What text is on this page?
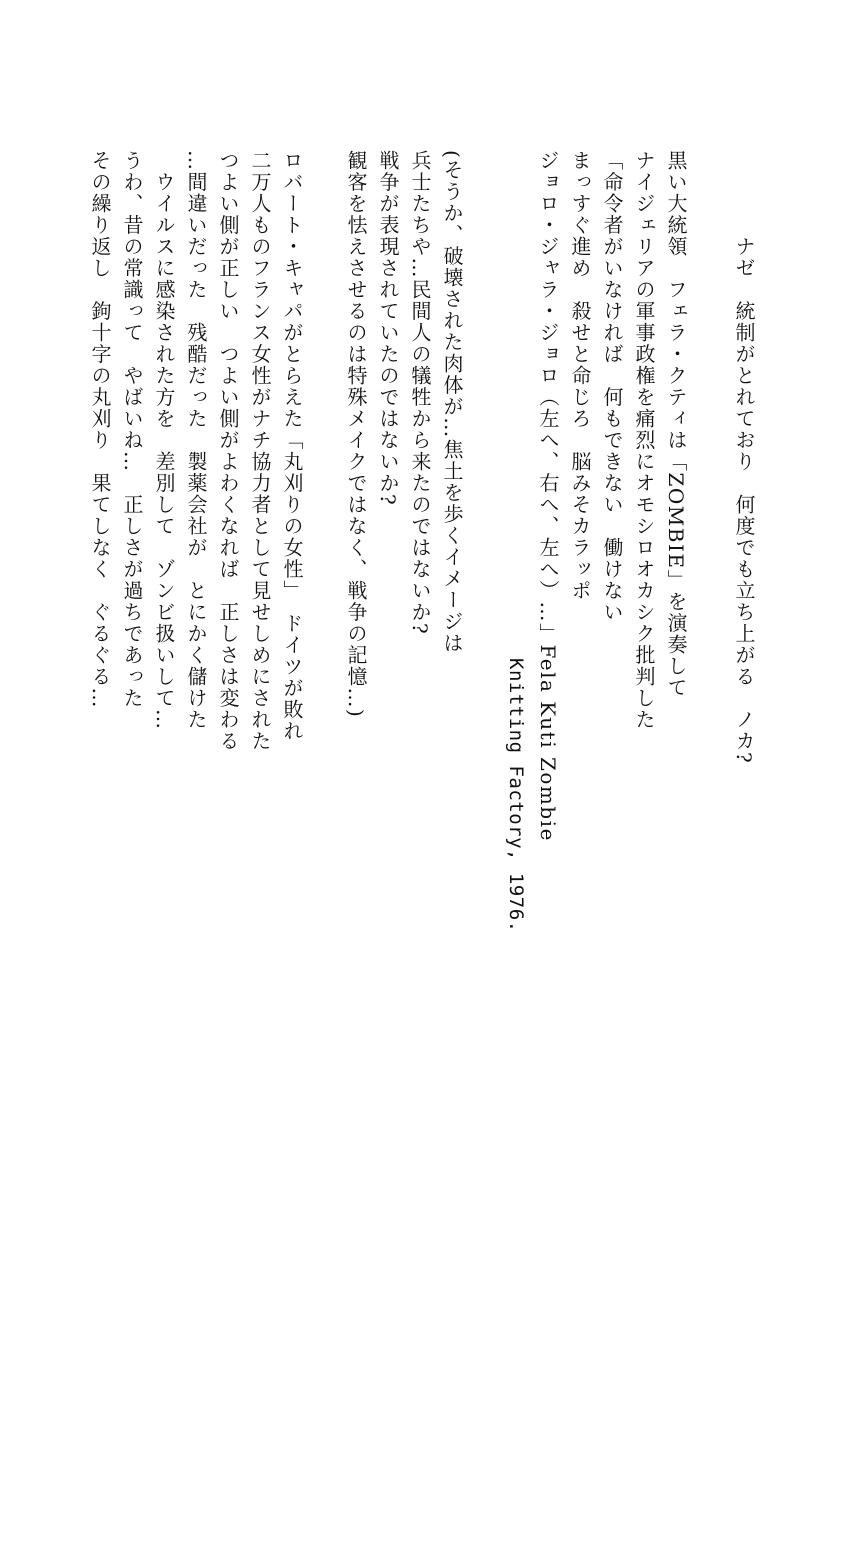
ナゼ　統制がとれており　何度でも立ち上がる　ノカ?
黒い大統領　フェラ・クティは「ZOMBIE」を演奏して
ナイジェリアの軍事政権を痛烈にオモシロオカシク批判した
「命令者がいなければ　何もできない　働けない
まっすぐ進め　殺せと命じろ　脳みそカラッポ
ジョロ・ジャラ・ジョロ（左へ、右へ、左へ）…」Fela Kuti Zombie
Knitting Factory, 1976.
(そうか、破壊された肉体が…焦土を歩くイメージは
兵士たちや…民間人の犠牲から来たのではないか?
戦争が表現されていたのではないか?
観客を怯えさせるのは特殊メイクではなく、戦争の記憶…)
ロバート・キャパがとらえた「丸刈りの女性」　ドイツが敗れ
二万人ものフランス女性がナチ協力者として見せしめにされた
つよい側が正しい　つよい側がよわくなれば　正しさは変わる
…間違いだった　残酷だった　製薬会社が　とにかく儲けた
　ウイルスに感染された方を　差別して　ゾンビ扱いして…
うわ、昔の常識って　やばいね…　正しさが過ちであった
その繰り返し　鉤十字の丸刈り　果てしなく　ぐるぐる…
